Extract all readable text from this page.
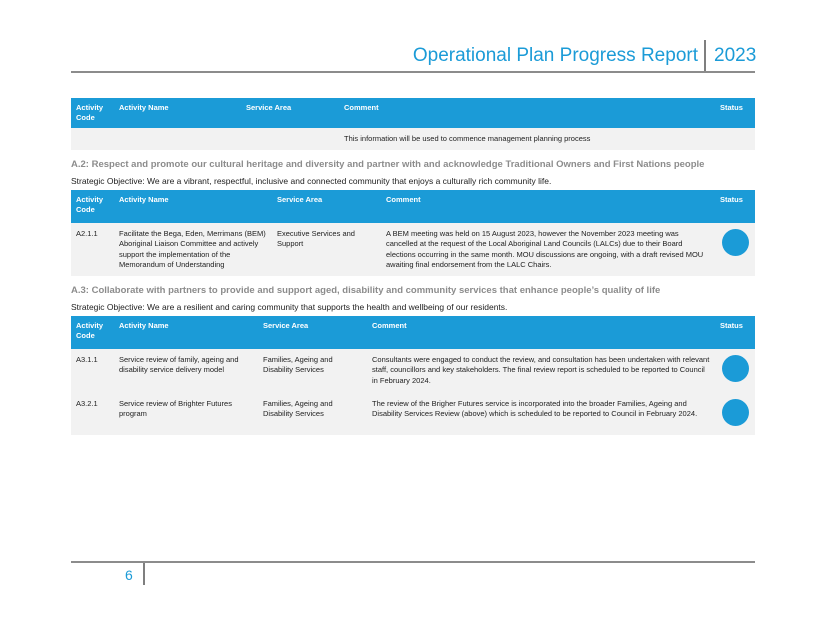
Operational Plan Progress Report 2023
Activity Code	Activity Name	Service Area	Comment	Status
			This information will be used to commence management planning process	
A.2: Respect and promote our cultural heritage and diversity and partner with and acknowledge Traditional Owners and First Nations people
Strategic Objective: We are a vibrant, respectful, inclusive and connected community that enjoys a culturally rich community life.
Activity Code	Activity Name	Service Area	Comment	Status
A2.1.1	Facilitate the Bega, Eden, Merrimans (BEM) Aboriginal Liaison Committee and actively support the implementation of the Memorandum of Understanding	Executive Services and Support	A BEM meeting was held on 15 August 2023, however the November 2023 meeting was cancelled at the request of the Local Aboriginal Land Councils (LALCs) due to their Board elections occurring in the same month. MOU discussions are ongoing, with a draft revised MOU awaiting final endorsement from the LALC Chairs.	
A.3: Collaborate with partners to provide and support aged, disability and community services that enhance people’s quality of life
Strategic Objective: We are a resilient and caring community that supports the health and wellbeing of our residents.
Activity Code	Activity Name	Service Area	Comment	Status
A3.1.1	Service review of family, ageing and disability service delivery model	Families, Ageing and Disability Services	Consultants were engaged to conduct the review, and consultation has been undertaken with relevant staff, councillors and key stakeholders. The final review report is scheduled to be reported to Council in February 2024.	
A3.2.1	Service review of Brighter Futures program	Families, Ageing and Disability Services	The review of the Brigher Futures service is incorporated into the broader Families, Ageing and Disability Services Review (above) which is scheduled to be reported to Council in February 2024.	
6
